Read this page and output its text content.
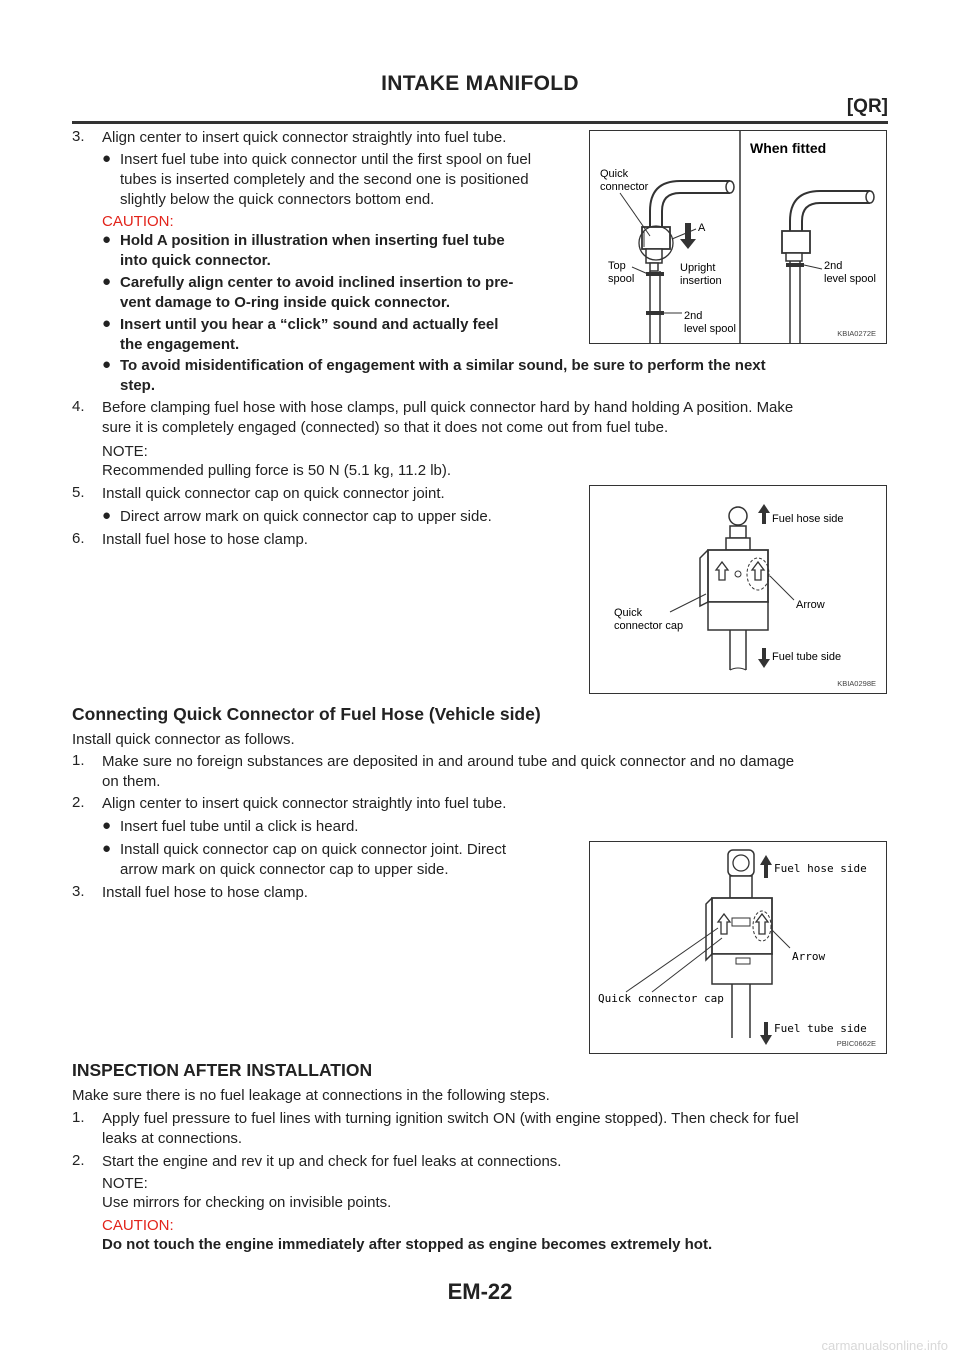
INTAKE MANIFOLD
[QR]
3. Align center to insert quick connector straightly into fuel tube.
● Insert fuel tube into quick connector until the first spool on fuel
tubes is inserted completely and the second one is positioned
slightly below the quick connectors bottom end.
CAUTION:
● Hold A position in illustration when inserting fuel tube
into quick connector.
● Carefully align center to avoid inclined insertion to pre-
vent damage to O-ring inside quick connector.
● Insert until you hear a “click” sound and actually feel
the engagement.
● To avoid misidentification of engagement with a similar sound, be sure to perform the next
step.
4. Before clamping fuel hose with hose clamps, pull quick connector hard by hand holding A position. Make
sure it is completely engaged (connected) so that it does not come out from fuel tube.
NOTE:
Recommended pulling force is 50 N (5.1 kg, 11.2 lb).
5. Install quick connector cap on quick connector joint.
● Direct arrow mark on quick connector cap to upper side.
6. Install fuel hose to hose clamp.
Quick
connector
A
Top
spool
Upright
insertion
2nd
level spool
When fitted
2nd
level spool
KBIA0272E
Fuel hose side
Arrow
Quick
connector cap
Fuel tube side
KBIA0298E
Connecting Quick Connector of Fuel Hose (Vehicle side)
Install quick connector as follows.
1. Make sure no foreign substances are deposited in and around tube and quick connector and no damage
on them.
2. Align center to insert quick connector straightly into fuel tube.
● Insert fuel tube until a click is heard.
● Install quick connector cap on quick connector joint. Direct
arrow mark on quick connector cap to upper side.
3. Install fuel hose to hose clamp.
Fuel hose side
Arrow
Quick connector cap
Fuel tube side
PBIC0662E
INSPECTION AFTER INSTALLATION
Make sure there is no fuel leakage at connections in the following steps.
1. Apply fuel pressure to fuel lines with turning ignition switch ON (with engine stopped). Then check for fuel
leaks at connections.
2. Start the engine and rev it up and check for fuel leaks at connections.
NOTE:
Use mirrors for checking on invisible points.
CAUTION:
Do not touch the engine immediately after stopped as engine becomes extremely hot.
EM-22
carmanualsonline.info
